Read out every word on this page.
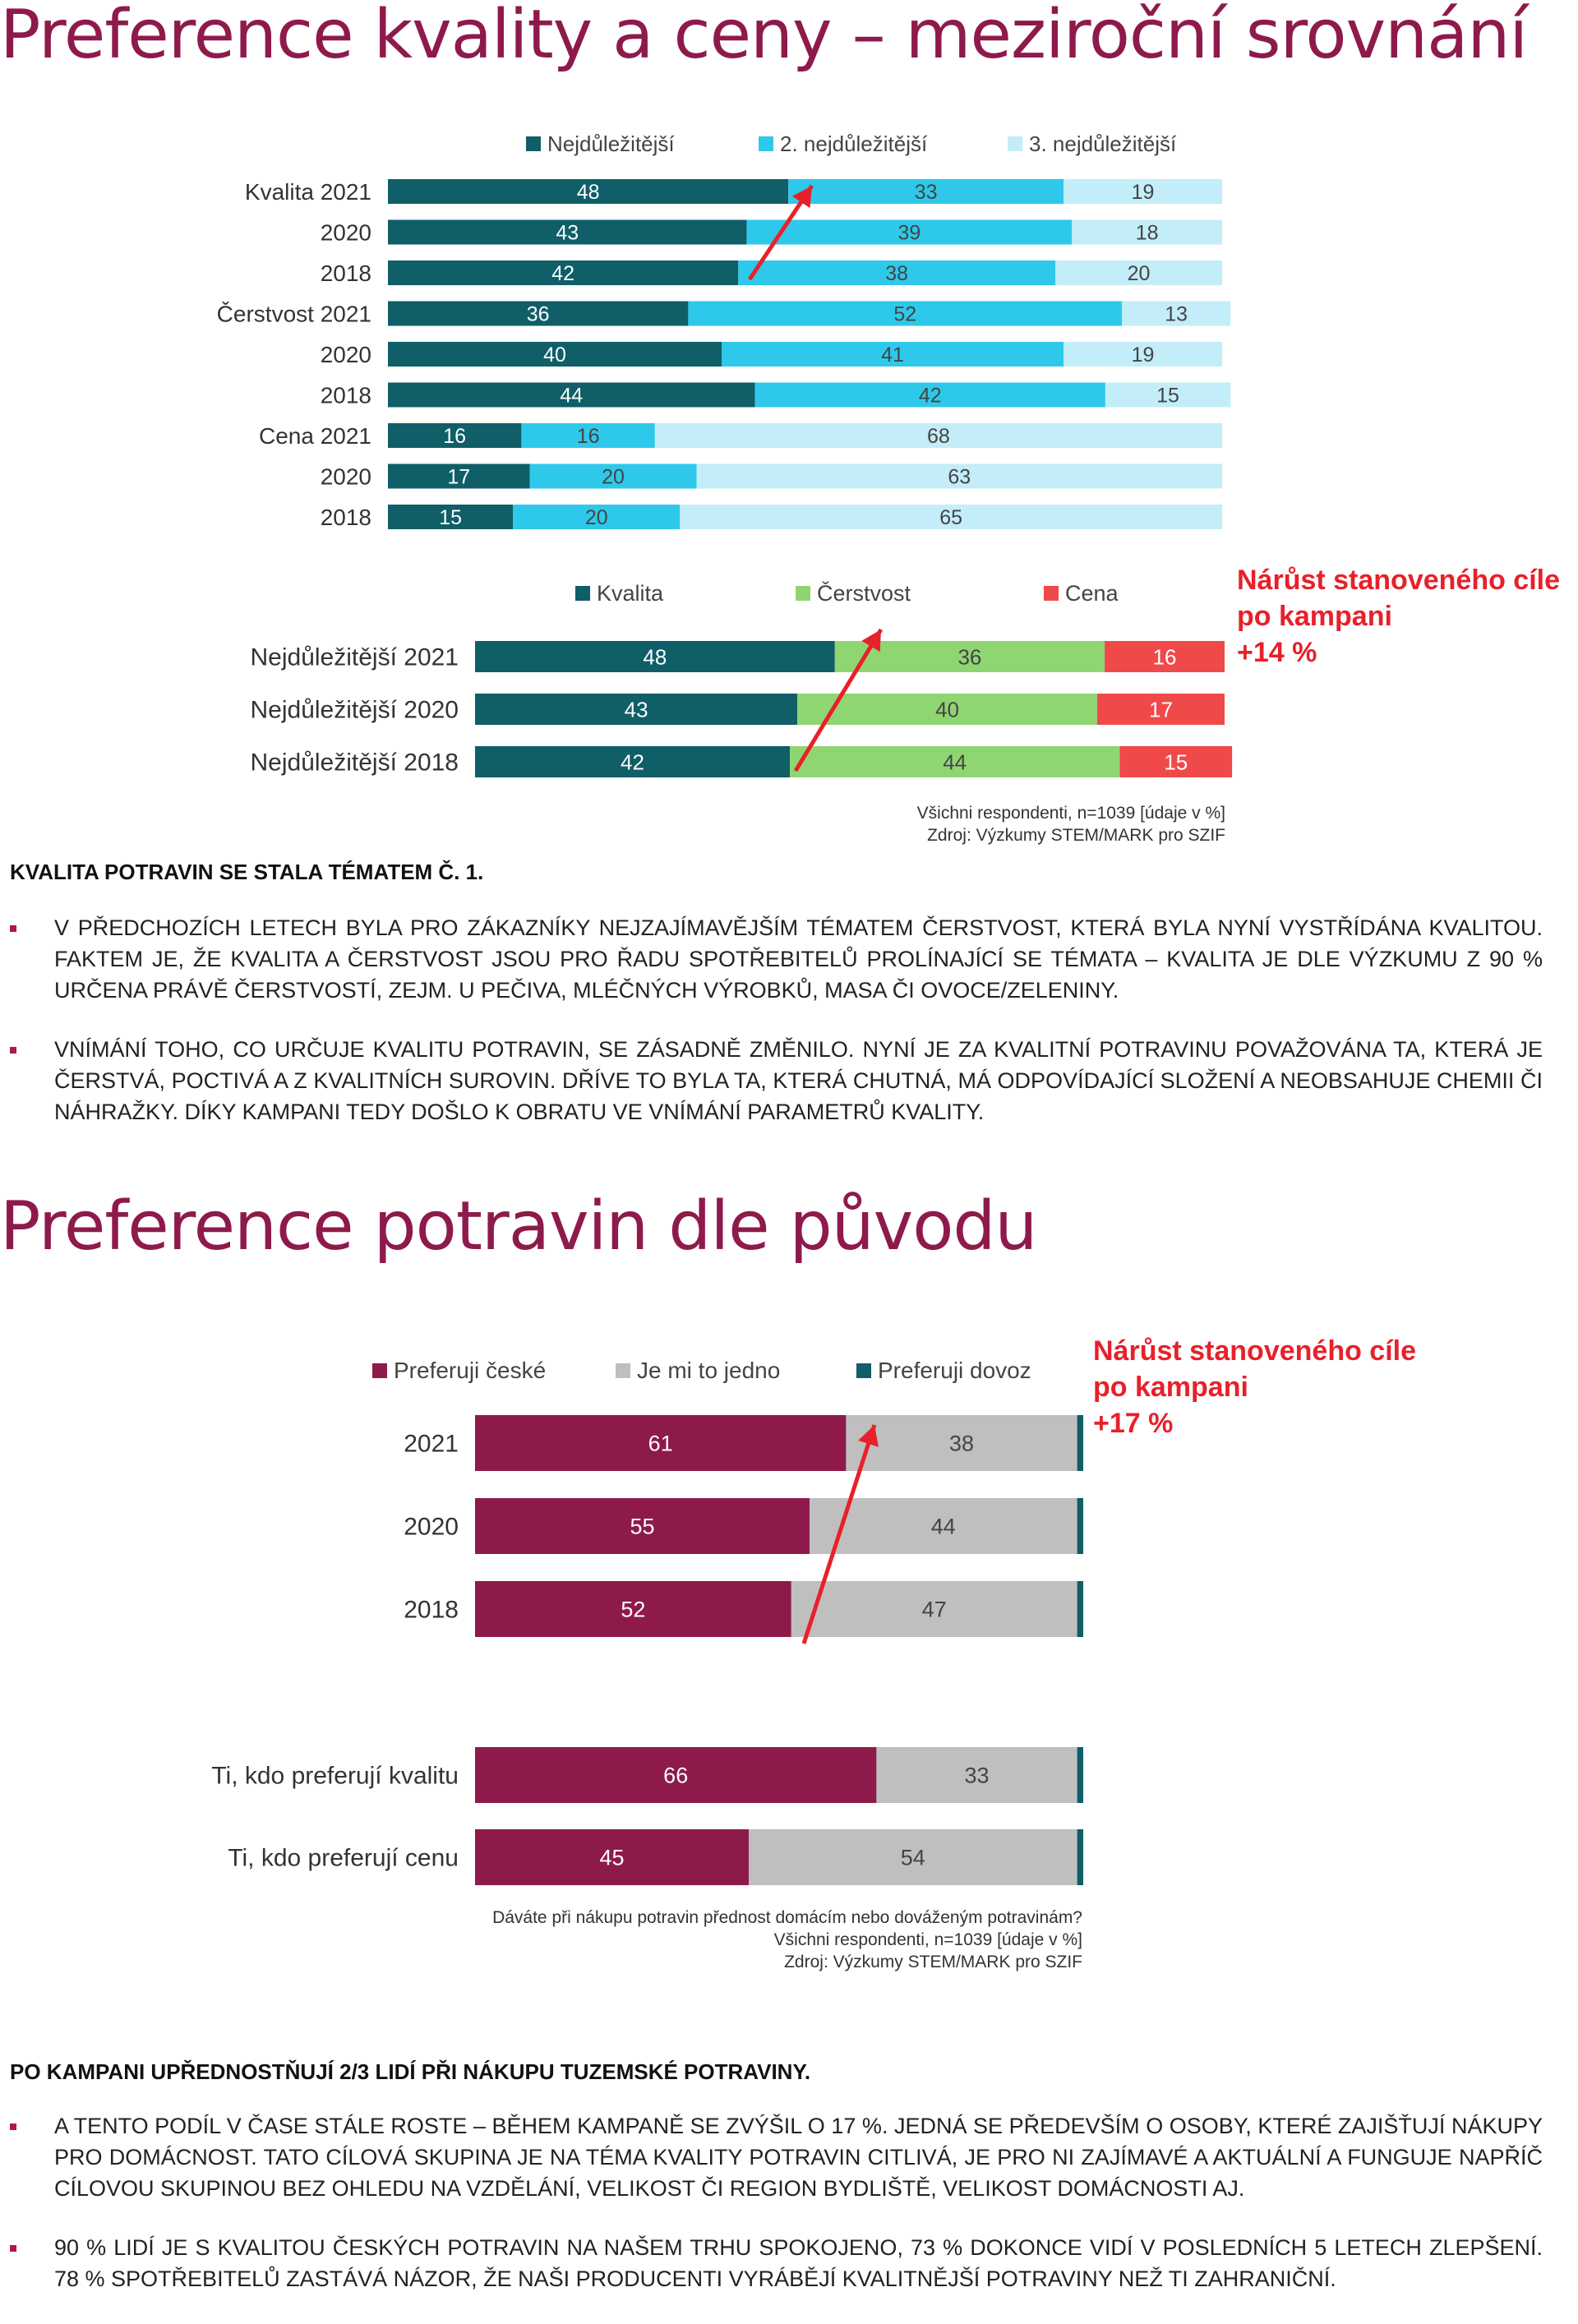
Preference kvality a ceny – meziroční srovnání
Nejdůležitější	2. nejdůležitější	3. nejdůležitější
Kvalita 2021	48	33	19
2020	43	39	18
2018	42	38	20
Čerstvost 2021	36	52	13
2020	40	41	19
2018	44	42	15
Cena 2021	16	16	68
2020	17	20	63
2018	15	20	65
Kvalita	Čerstvost	Cena
Nejdůležitější 2021	48	36	16
Nejdůležitější 2020	43	40	17
Nejdůležitější 2018	42	44	15
Nárůst stanoveného cíle
po kampani
+14 %
Všichni respondenti, n=1039 [údaje v %]
Zdroj: Výzkumy STEM/MARK pro SZIF
KVALITA POTRAVIN SE STALA TÉMATEM Č. 1.
V PŘEDCHOZÍCH LETECH BYLA PRO ZÁKAZNÍKY NEJZAJÍMAVĚJŠÍM TÉMATEM ČERSTVOST, KTERÁ BYLA NYNÍ VYSTŘÍDÁNA KVALITOU. FAKTEM JE, ŽE KVALITA A ČERSTVOST JSOU PRO ŘADU SPOTŘEBITELŮ PROLÍNAJÍCÍ SE TÉMATA – KVALITA JE DLE VÝZKUMU Z 90 % URČENA PRÁVĚ ČERSTVOSTÍ, ZEJM. U PEČIVA, MLÉČNÝCH VÝROBKŮ, MASA ČI OVOCE/ZELENINY.
VNÍMÁNÍ TOHO, CO URČUJE KVALITU POTRAVIN, SE ZÁSADNĚ ZMĚNILO. NYNÍ JE ZA KVALITNÍ POTRAVINU POVAŽOVÁNA TA, KTERÁ JE ČERSTVÁ, POCTIVÁ A Z KVALITNÍCH SUROVIN. DŘÍVE TO BYLA TA, KTERÁ CHUTNÁ, MÁ ODPOVÍDAJÍCÍ SLOŽENÍ A NEOBSAHUJE CHEMII ČI NÁHRAŽKY. DÍKY KAMPANI TEDY DOŠLO K OBRATU VE VNÍMÁNÍ PARAMETRŮ KVALITY.
Preference potravin dle původu
Preferuji české	Je mi to jedno	Preferuji dovoz
2021	61	38
2020	55	44
2018	52	47
Ti, kdo preferují kvalitu	66	33
Ti, kdo preferují cenu	45	54
Nárůst stanoveného cíle
po kampani
+17 %
Dáváte při nákupu potravin přednost domácím nebo dováženým potravinám?
Všichni respondenti, n=1039 [údaje v %]
Zdroj: Výzkumy STEM/MARK pro SZIF
PO KAMPANI UPŘEDNOSTŇUJÍ 2/3 LIDÍ PŘI NÁKUPU TUZEMSKÉ POTRAVINY.
A TENTO PODÍL V ČASE STÁLE ROSTE – BĚHEM KAMPANĚ SE ZVÝŠIL O 17 %. JEDNÁ SE PŘEDEVŠÍM O OSOBY, KTERÉ ZAJIŠŤUJÍ NÁKUPY PRO DOMÁCNOST. TATO CÍLOVÁ SKUPINA JE NA TÉMA KVALITY POTRAVIN CITLIVÁ, JE PRO NI ZAJÍMAVÉ A AKTUÁLNÍ A FUNGUJE NAPŘÍČ CÍLOVOU SKUPINOU BEZ OHLEDU NA VZDĚLÁNÍ, VELIKOST ČI REGION BYDLIŠTĚ, VELIKOST DOMÁCNOSTI AJ.
90 % LIDÍ JE S KVALITOU ČESKÝCH POTRAVIN NA NAŠEM TRHU SPOKOJENO, 73 % DOKONCE VIDÍ V POSLEDNÍCH 5 LETECH ZLEPŠENÍ. 78 % SPOTŘEBITELŮ ZASTÁVÁ NÁZOR, ŽE NAŠI PRODUCENTI VYRÁBĚJÍ KVALITNĚJŠÍ POTRAVINY NEŽ TI ZAHRANIČNÍ.
